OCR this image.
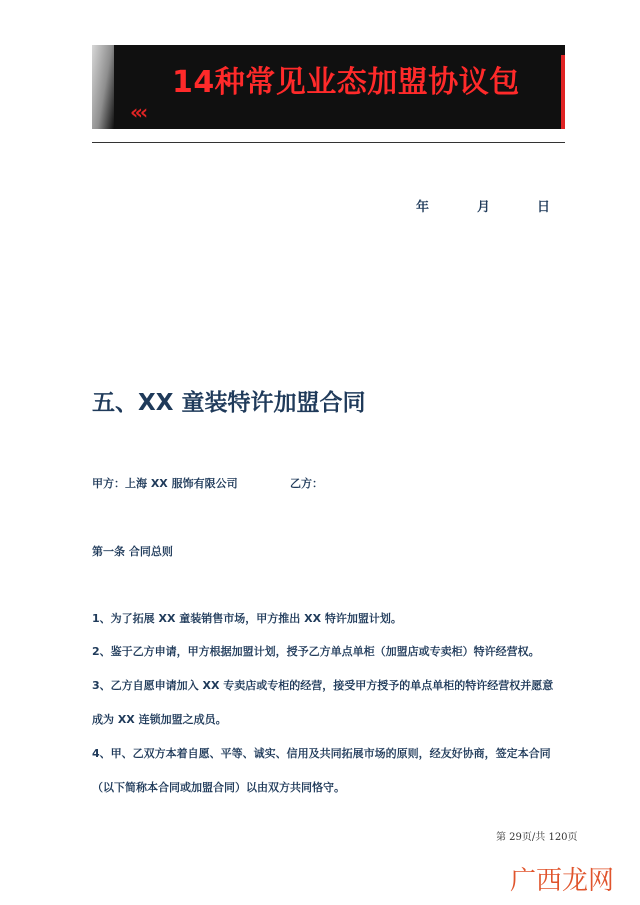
«‹
14种常见业态加盟协议包
年	月	日
五、XX 童装特许加盟合同
甲方：上海 XX 服饰有限公司	乙方：
第一条 合同总则
1、为了拓展 XX 童装销售市场，甲方推出 XX 特许加盟计划。
2、鉴于乙方申请，甲方根据加盟计划，授予乙方单点单柜（加盟店或专卖柜）特许经营权。
3、乙方自愿申请加入 XX 专卖店或专柜的经营，接受甲方授予的单点单柜的特许经营权并愿意
成为 XX 连锁加盟之成员。
4、甲、乙双方本着自愿、平等、诚实、信用及共同拓展市场的原则，经友好协商，签定本合同
（以下简称本合同或加盟合同）以由双方共同恪守。
第 29页/共 120页
广西龙网
